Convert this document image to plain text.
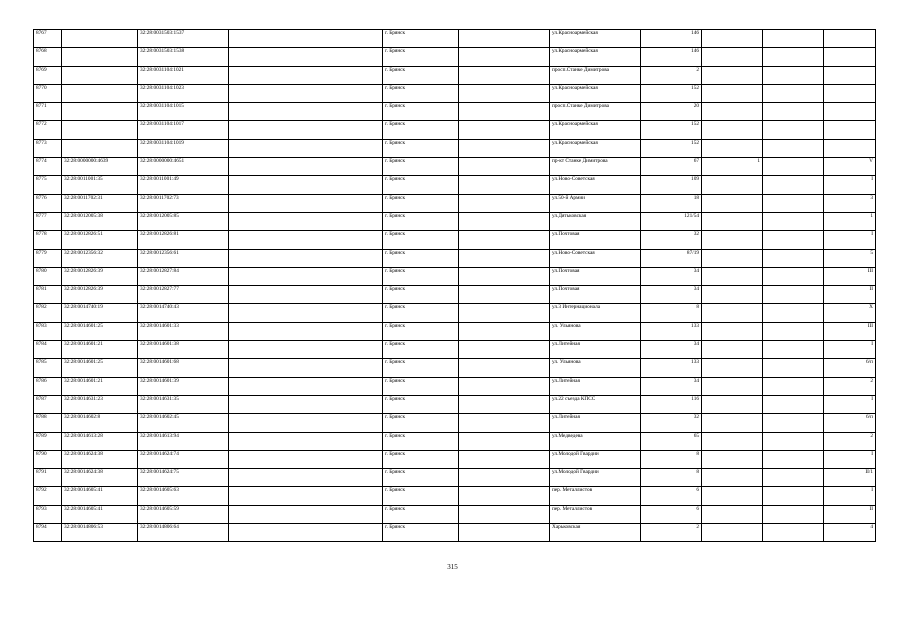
8767		32:28:0031503:1537		г. Брянск		ул.Красноармейская	146			
8768		32:28:0031503:1538		г. Брянск		ул.Красноармейская	146			
8769		32:28:0031104:1021		г. Брянск		просп.Станке Димитрова	2			
8770		32:28:0031104:1023		г. Брянск		ул.Красноармейская	152			
8771		32:28:0031104:1015		г. Брянск		просп.Станке Димитрова	20			
8772		32:28:0031104:1017		г. Брянск		ул.Красноармейская	152			
8773		32:28:0031104:1019		г. Брянск		ул.Красноармейская	152			
8774	32:28:0000000:4639	32:28:0000000:4651		г. Брянск		пр-кт Станке Димитрова	67	1		V
8775	32:28:0011001:35	32:28:0011001:49		г. Брянск		ул.Ново-Советская	109			I
8776	32:28:0011702:31	32:28:0011702:73		г. Брянск		ул.50-й Армии	18			3
8777	32:28:0012005:38	32:28:0012005:85		г. Брянск		ул.Дятьковская	121/54			1
8778	32:28:0012826:51	32:28:0012826:81		г. Брянск		ул.Почтовая	32			I
8779	32:28:0012356:32	32:28:0012356:61		г. Брянск		ул.Ново-Советская	87/19			5
8780	32:28:0012826:39	32:28:0012827:84		г. Брянск		ул.Почтовая	34			III
8781	32:28:0012826:39	32:28:0012827:77		г. Брянск		ул.Почтовая	34			II
8782	32:28:0014740:19	32:28:0014740:43		г. Брянск		ул.3 Интернационала	8			X
8783	32:28:0014601:25	32:28:0014601:33		г. Брянск		ул. Ульянова	133			III
8784	32:28:0014601:21	32:28:0014601:38		г. Брянск		ул.Литейная	34			I
8785	32:28:0014601:25	32:28:0014601:68		г. Брянск		ул. Ульянова	133			6/п
8786	32:28:0014601:21	32:28:0014601:39		г. Брянск		ул.Литейная	34			2
8787	32:28:0014631:23	32:28:0014631:35		г. Брянск		ул.22 съезда КПСС	116			I
8788	32:28:0014602:8	32:28:0014602:45		г. Брянск		ул.Литейная	32			6/п
8789	32:28:0014613:28	32:28:0014613:94		г. Брянск		ул.Медведева	65			2
8790	32:28:0014624:38	32:28:0014624:74		г. Брянск		ул.Молодой Гвардии	8			I
8791	32:28:0014624:38	32:28:0014624:75		г. Брянск		ул.Молодой Гвардии	8			II/1
8792	32:28:0014605:41	32:28:0014605:63		г. Брянск		пер. Металлистов	6			I
8793	32:28:0014605:41	32:28:0014605:59		г. Брянск		пер. Металлистов	6			II
8794	32:28:0014806:53	32:28:0014806:64		г. Брянск		Харьковская	2			4
315
